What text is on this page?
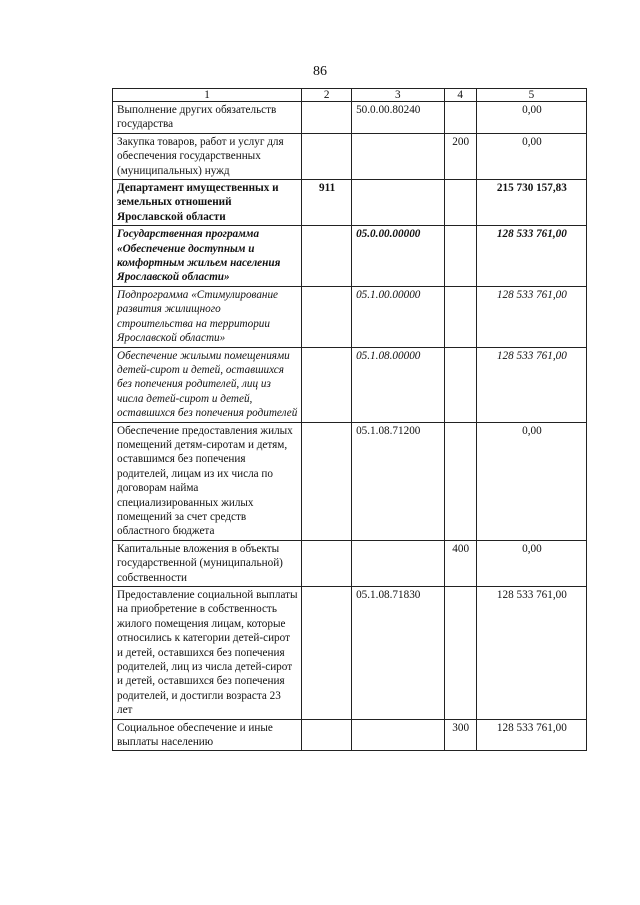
86
1	2	3	4	5
Выполнение других обязательств государства		50.0.00.80240		0,00
Закупка товаров, работ и услуг для обеспечения государственных (муниципальных) нужд			200	0,00
Департамент имущественных и земельных отношений Ярославской области	911			215 730 157,83
Государственная программа «Обеспечение доступным и комфортным жильем населения Ярославской области»		05.0.00.00000		128 533 761,00
Подпрограмма «Стимулирование развития жилищного строительства на территории Ярославской области»		05.1.00.00000		128 533 761,00
Обеспечение жилыми помещениями детей-сирот и детей, оставшихся без попечения родителей, лиц из числа детей-сирот и детей, оставшихся без попечения родителей		05.1.08.00000		128 533 761,00
Обеспечение предоставления жилых помещений детям-сиротам и детям, оставшимся без попечения родителей, лицам из их числа по договорам найма специализированных жилых помещений за счет средств областного бюджета		05.1.08.71200		0,00
Капитальные вложения в объекты государственной (муниципальной) собственности			400	0,00
Предоставление социальной выплаты на приобретение в собственность жилого помещения лицам, которые относились к категории детей-сирот и детей, оставшихся без попечения родителей, лиц из числа детей-сирот и детей, оставшихся без попечения родителей, и достигли возраста 23 лет		05.1.08.71830		128 533 761,00
Социальное обеспечение и иные выплаты населению			300	128 533 761,00
